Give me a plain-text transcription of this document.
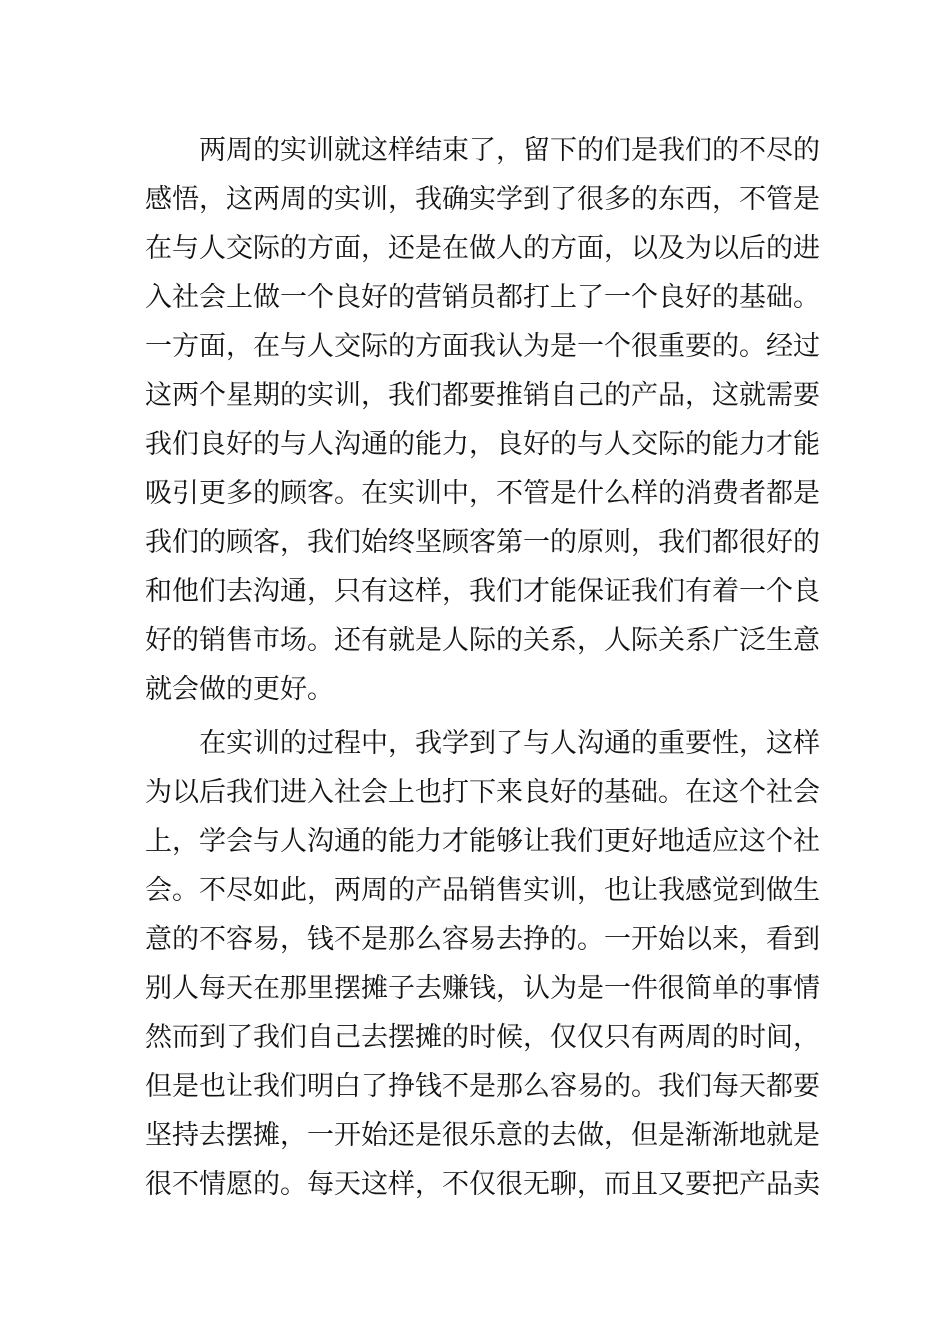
两周的实训就这样结束了，留下的们是我们的不尽的
感悟，这两周的实训，我确实学到了很多的东西，不管是
在与人交际的方面，还是在做人的方面，以及为以后的进
入社会上做一个良好的营销员都打上了一个良好的基础。
一方面，在与人交际的方面我认为是一个很重要的。经过
这两个星期的实训，我们都要推销自己的产品，这就需要
我们良好的与人沟通的能力，良好的与人交际的能力才能
吸引更多的顾客。在实训中，不管是什么样的消费者都是
我们的顾客，我们始终坚顾客第一的原则，我们都很好的
和他们去沟通，只有这样，我们才能保证我们有着一个良
好的销售市场。还有就是人际的关系，人际关系广泛生意
就会做的更好。
在实训的过程中，我学到了与人沟通的重要性，这样
为以后我们进入社会上也打下来良好的基础。在这个社会
上，学会与人沟通的能力才能够让我们更好地适应这个社
会。不尽如此，两周的产品销售实训，也让我感觉到做生
意的不容易，钱不是那么容易去挣的。一开始以来，看到
别人每天在那里摆摊子去赚钱，认为是一件很简单的事情
然而到了我们自己去摆摊的时候，仅仅只有两周的时间，
但是也让我们明白了挣钱不是那么容易的。我们每天都要
坚持去摆摊，一开始还是很乐意的去做，但是渐渐地就是
很不情愿的。每天这样，不仅很无聊，而且又要把产品卖
